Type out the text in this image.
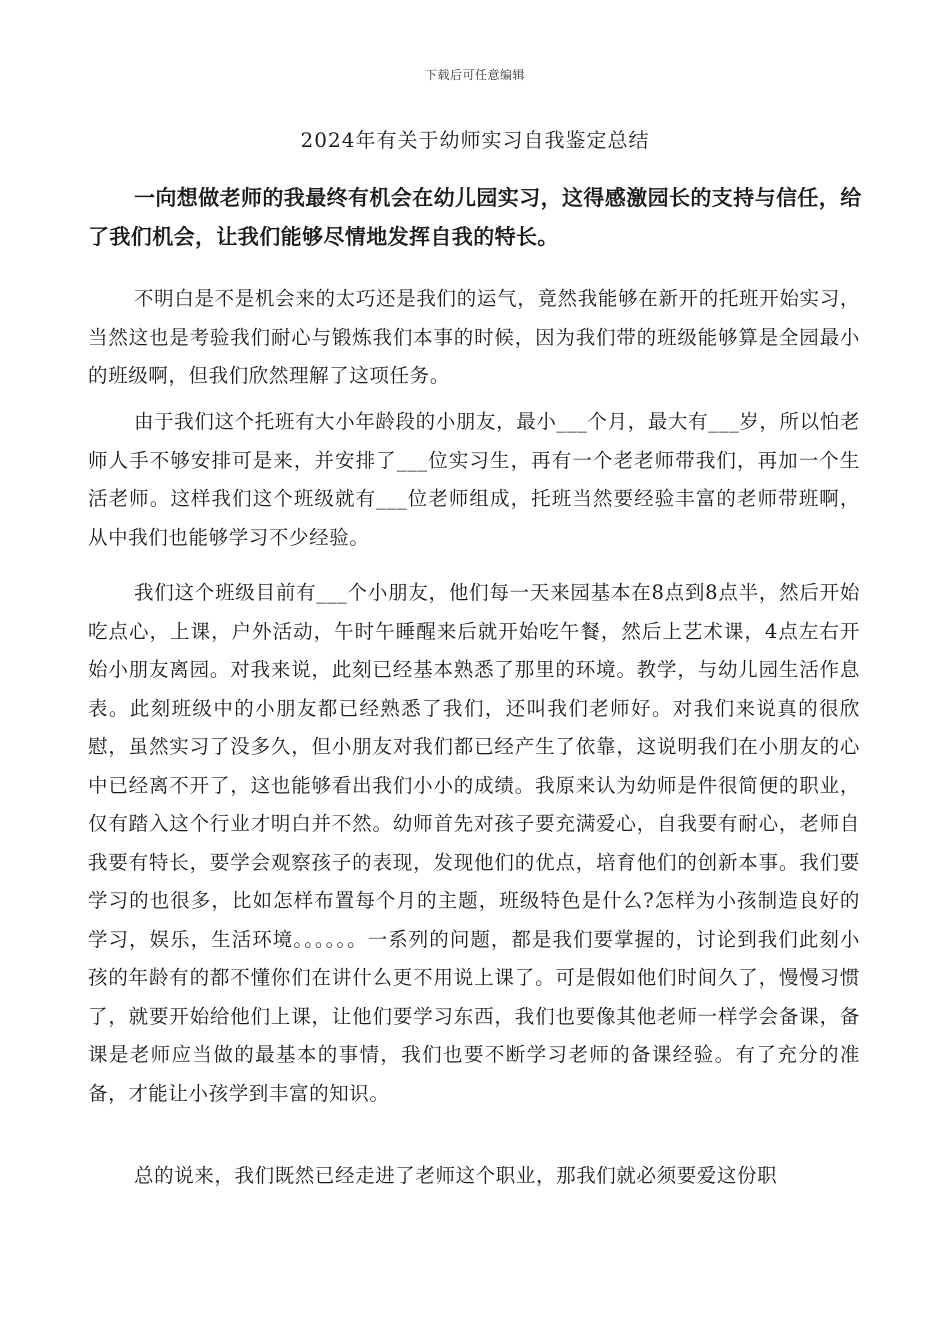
下载后可任意编辑
2024年有关于幼师实习自我鉴定总结

一向想做老师的我最终有机会在幼儿园实习，这得感激园长的支持与信任，给了我们机会，让我们能够尽情地发挥自我的特长。

不明白是不是机会来的太巧还是我们的运气，竟然我能够在新开的托班开始实习，当然这也是考验我们耐心与锻炼我们本事的时候，因为我们带的班级能够算是全园最小的班级啊，但我们欣然理解了这项任务。

由于我们这个托班有大小年龄段的小朋友，最小___个月，最大有___岁，所以怕老师人手不够安排可是来，并安排了___位实习生，再有一个老老师带我们，再加一个生活老师。这样我们这个班级就有___位老师组成，托班当然要经验丰富的老师带班啊，从中我们也能够学习不少经验。

我们这个班级目前有___个小朋友，他们每一天来园基本在8点到8点半，然后开始吃点心，上课，户外活动，午时午睡醒来后就开始吃午餐，然后上艺术课，4点左右开始小朋友离园。对我来说，此刻已经基本熟悉了那里的环境。教学，与幼儿园生活作息表。此刻班级中的小朋友都已经熟悉了我们，还叫我们老师好。对我们来说真的很欣慰，虽然实习了没多久，但小朋友对我们都已经产生了依靠，这说明我们在小朋友的心中已经离不开了，这也能够看出我们小小的成绩。我原来认为幼师是件很简便的职业，仅有踏入这个行业才明白并不然。幼师首先对孩子要充满爱心，自我要有耐心，老师自我要有特长，要学会观察孩子的表现，发现他们的优点，培育他们的创新本事。我们要学习的也很多，比如怎样布置每个月的主题，班级特色是什么?怎样为小孩制造良好的学习，娱乐，生活环境。。。。。。一系列的问题，都是我们要掌握的，讨论到我们此刻小孩的年龄有的都不懂你们在讲什么更不用说上课了。可是假如他们时间久了，慢慢习惯了，就要开始给他们上课，让他们要学习东西，我们也要像其他老师一样学会备课，备课是老师应当做的最基本的事情，我们也要不断学习老师的备课经验。有了充分的准备，才能让小孩学到丰富的知识。

总的说来，我们既然已经走进了老师这个职业，那我们就必须要爱这份职
